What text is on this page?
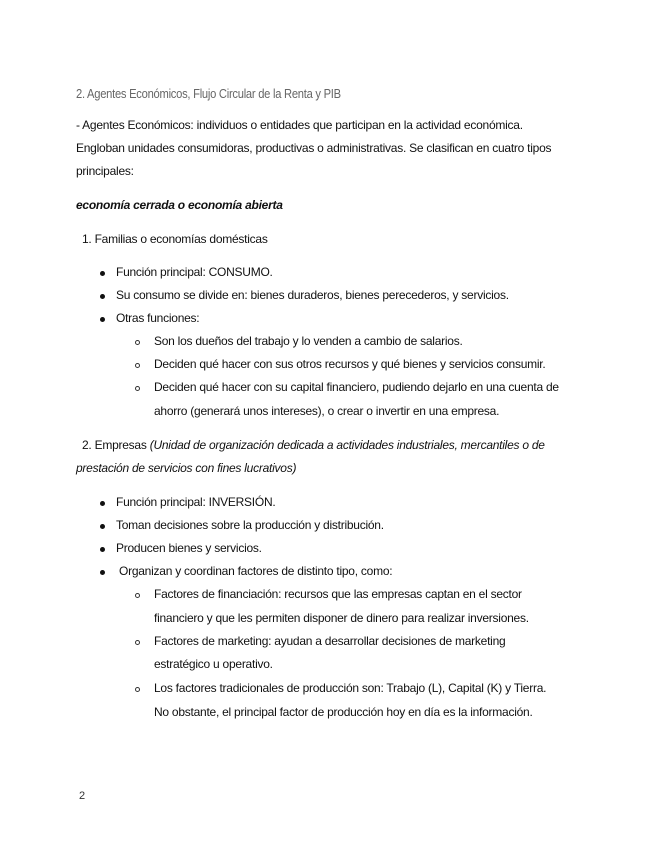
2. Agentes Económicos, Flujo Circular de la Renta y PIB
- Agentes Económicos: individuos o entidades que participan en la actividad económica.
Engloban unidades consumidoras, productivas o administrativas. Se clasifican en cuatro tipos
principales:
economía cerrada o economía abierta
1. Familias o economías domésticas
Función principal: CONSUMO.
Su consumo se divide en: bienes duraderos, bienes perecederos, y servicios.
Otras funciones:
Son los dueños del trabajo y lo venden a cambio de salarios.
Deciden qué hacer con sus otros recursos y qué bienes y servicios consumir.
Deciden qué hacer con su capital financiero, pudiendo dejarlo en una cuenta de
ahorro (generará unos intereses), o crear o invertir en una empresa.
2. Empresas (Unidad de organización dedicada a actividades industriales, mercantiles o de
prestación de servicios con fines lucrativos)
Función principal: INVERSIÓN.
Toman decisiones sobre la producción y distribución.
Producen bienes y servicios.
Organizan y coordinan factores de distinto tipo, como:
Factores de financiación: recursos que las empresas captan en el sector
financiero y que les permiten disponer de dinero para realizar inversiones.
Factores de marketing: ayudan a desarrollar decisiones de marketing
estratégico u operativo.
Los factores tradicionales de producción son: Trabajo (L), Capital (K) y Tierra.
No obstante, el principal factor de producción hoy en día es la información.
2
